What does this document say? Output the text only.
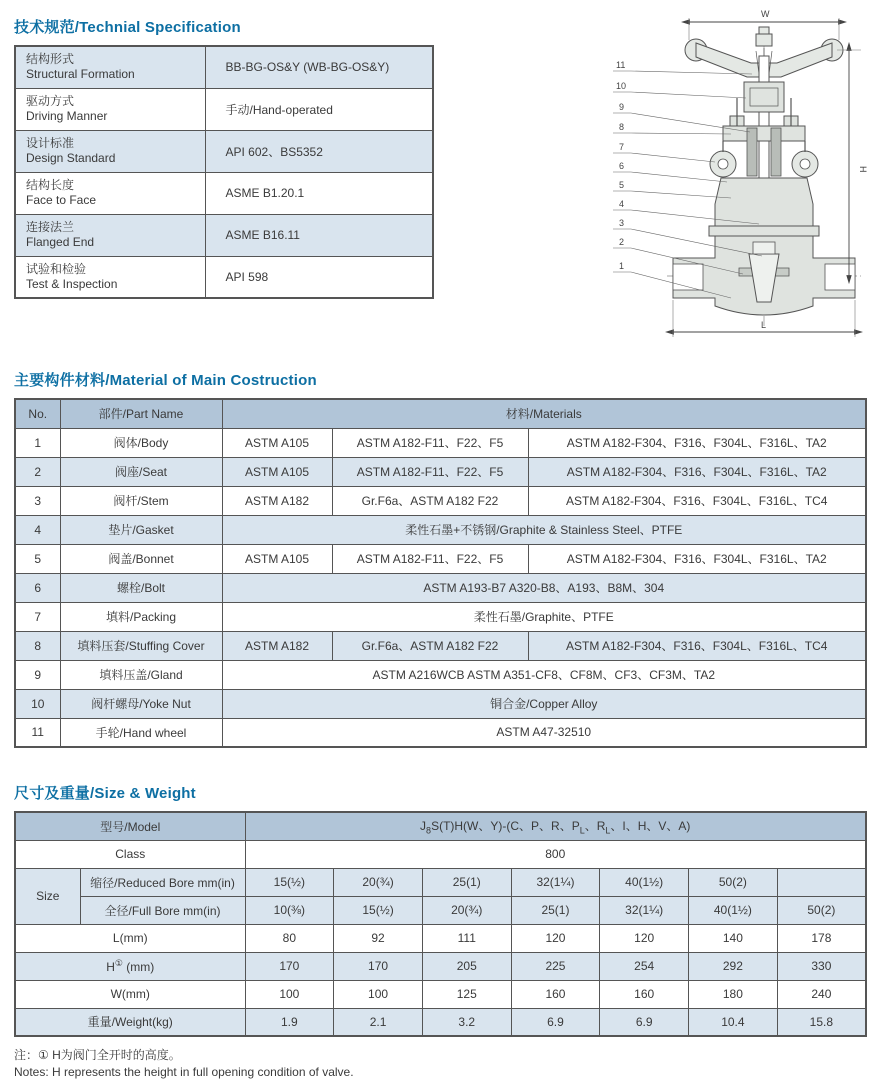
技术规范/Technial Specification
结构形式
Structural Formation	BB-BG-OS&Y (WB-BG-OS&Y)
驱动方式
Driving Manner	手动/Hand-operated
设计标准
Design Standard	API 602、BS5352
结构长度
Face to Face	ASME B1.20.1
连接法兰
Flanged End	ASME B16.11
试验和检验
Test & Inspection	API 598
W
H
L
11
10
9
8
7
6
5
4
3
2
1
主要构件材料/Material of Main Costruction
No.	部件/Part Name	材料/Materials		
1	阀体/Body	ASTM A105	ASTM A182-F11、F22、F5	ASTM A182-F304、F316、F304L、F316L、TA2
2	阀座/Seat	ASTM A105	ASTM A182-F11、F22、F5	ASTM A182-F304、F316、F304L、F316L、TA2
3	阀杆/Stem	ASTM A182	Gr.F6a、ASTM A182 F22	ASTM A182-F304、F316、F304L、F316L、TC4
4	垫片/Gasket	柔性石墨+不锈钢/Graphite & Stainless Steel、PTFE		
5	阀盖/Bonnet	ASTM A105	ASTM A182-F11、F22、F5	ASTM A182-F304、F316、F304L、F316L、TA2
6	螺栓/Bolt	ASTM A193-B7 A320-B8、A193、B8M、304		
7	填料/Packing	柔性石墨/Graphite、PTFE		
8	填料压套/Stuffing Cover	ASTM A182	Gr.F6a、ASTM A182 F22	ASTM A182-F304、F316、F304L、F316L、TC4
9	填料压盖/Gland	ASTM A216WCB ASTM A351-CF8、CF8M、CF3、CF3M、TA2		
10	阀杆螺母/Yoke Nut	铜合金/Copper Alloy		
11	手轮/Hand wheel	ASTM A47-32510		
尺寸及重量/Size & Weight
型号/Model		$J_8S(T)H(W$、Y)-(C、P、R、$P_L$、$R_L$、I、H、V、A)						
Class		800						
Size	缩径/Reduced Bore mm(in)	15(½)	20(¾)	25(1)	32(1¼)	40(1½)	50(2)	
	全径/Full Bore mm(in)	10(⅜)	15(½)	20(¾)	25(1)	32(1¼)	40(1½)	50(2)
L(mm)		80	92	111	120	120	140	178
H① (mm)		170	170	205	225	254	292	330
W(mm)		100	100	125	160	160	180	240
重量/Weight(kg)		1.9	2.1	3.2	6.9	6.9	10.4	15.8
注：① H为阀门全开时的高度。
Notes: H represents the height in full opening condition of valve.
